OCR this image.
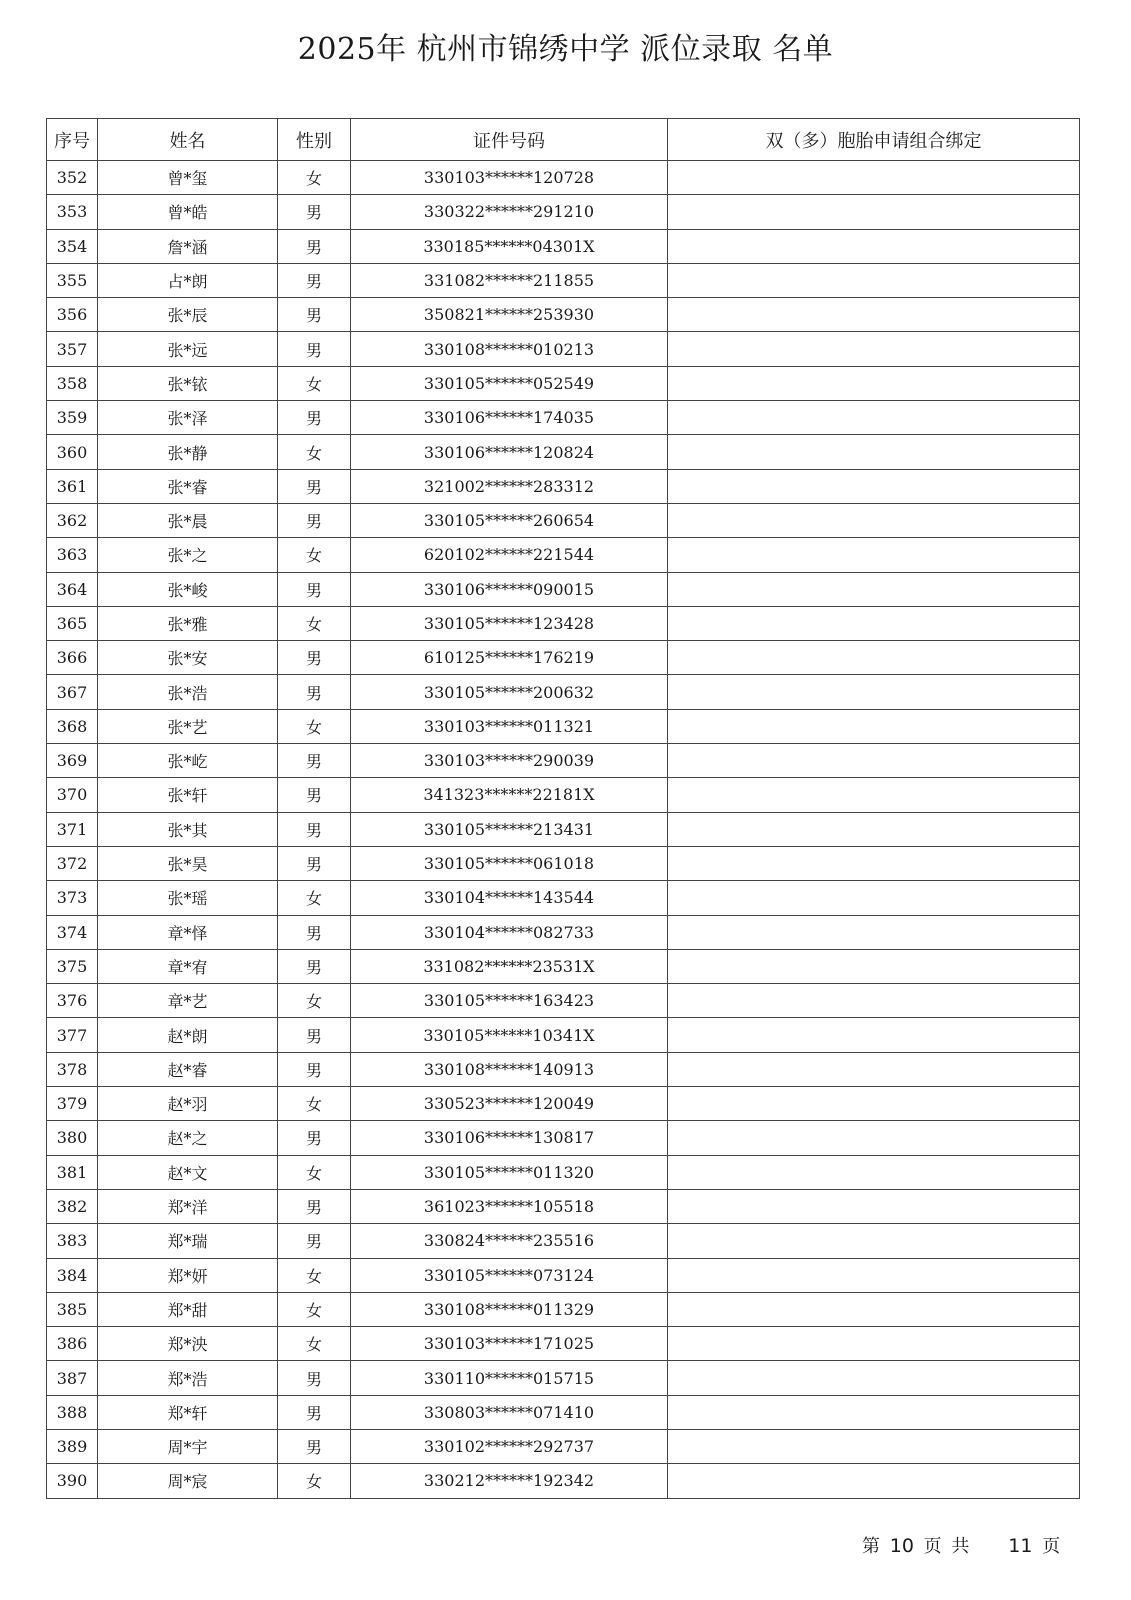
2025年 杭州市锦绣中学 派位录取 名单
序号	姓名	性别	证件号码	双（多）胞胎申请组合绑定
352	曾*玺	女	330103******120728	
353	曾*皓	男	330322******291210	
354	詹*涵	男	330185******04301X	
355	占*朗	男	331082******211855	
356	张*辰	男	350821******253930	
357	张*远	男	330108******010213	
358	张*铱	女	330105******052549	
359	张*泽	男	330106******174035	
360	张*静	女	330106******120824	
361	张*睿	男	321002******283312	
362	张*晨	男	330105******260654	
363	张*之	女	620102******221544	
364	张*峻	男	330106******090015	
365	张*雅	女	330105******123428	
366	张*安	男	610125******176219	
367	张*浩	男	330105******200632	
368	张*艺	女	330103******011321	
369	张*屹	男	330103******290039	
370	张*轩	男	341323******22181X	
371	张*其	男	330105******213431	
372	张*昊	男	330105******061018	
373	张*瑶	女	330104******143544	
374	章*怿	男	330104******082733	
375	章*宥	男	331082******23531X	
376	章*艺	女	330105******163423	
377	赵*朗	男	330105******10341X	
378	赵*睿	男	330108******140913	
379	赵*羽	女	330523******120049	
380	赵*之	男	330106******130817	
381	赵*文	女	330105******011320	
382	郑*洋	男	361023******105518	
383	郑*瑞	男	330824******235516	
384	郑*妍	女	330105******073124	
385	郑*甜	女	330108******011329	
386	郑*泱	女	330103******171025	
387	郑*浩	男	330110******015715	
388	郑*轩	男	330803******071410	
389	周*宇	男	330102******292737	
390	周*宸	女	330212******192342	
第 10 页 共 11 页
